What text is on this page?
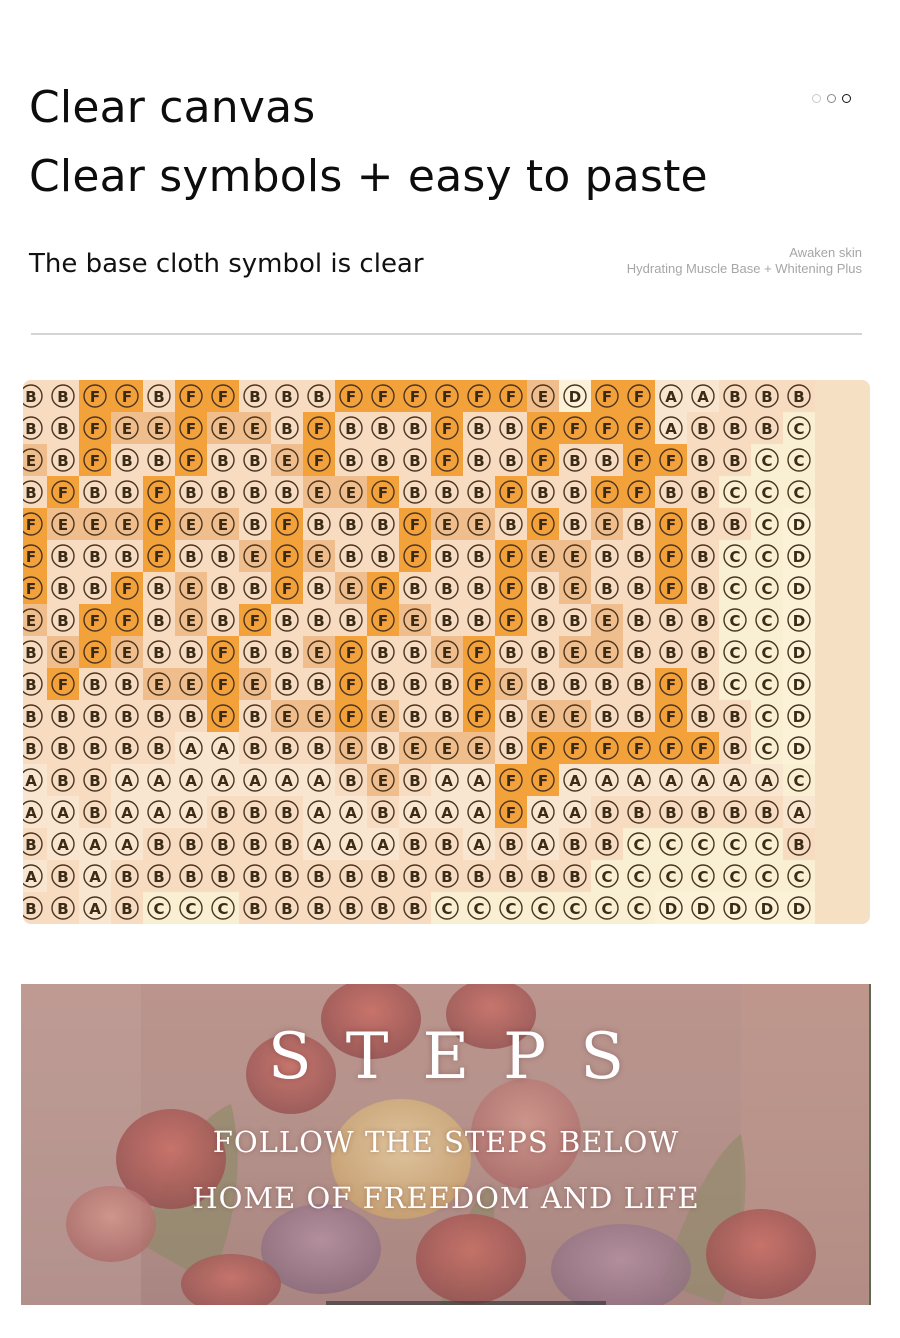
Clear canvas
Clear symbols + easy to paste
The base cloth symbol is clear	Awaken skin
Hydrating Muscle Base + Whitening Plus
B B F F B F F B B B F F F F F F E D F F A A B B B
B B F E E F E E B F B B B F B B F F F F A B B B C
E B F B B F B B E F B B B F B B F B B F F B B C C
B F B B F B B B B E E F B B B F B B F F B B C C C
F E E E F E E B F B B B F E E B F B E B F B B C D
F B B B F B B E F E B B F B B F E E B B F B C C D
F B B F B E B B F B E F B B B F B E B B F B C C D
E B F F B E B F B B B F E B B F B B E B B B C C D
B E F E B B F B B E F B B E F B B E E B B B C C D
B F B B E E F E B B F B B B F E B B B B F B C C D
B B B B B B F B E E F E B B F B E E B B F B B C D
B B B B B A A B B B E B E E E B F F F F F F B C D
A B B A A A A A A A B E B A A F F A A A A A A A C
A A B A A A B B B A A B A A A F A A B B B B B B A
B A A A B B B B B A A A B B A B A B B C C C C C B
A B A B B B B B B B B B B B B B B B C C C C C C C
B B A B C C C B B B B B B C C C C C C C D D D D D
STEPS
FOLLOW THE STEPS BELOW
HOME OF FREEDOM AND LIFE
